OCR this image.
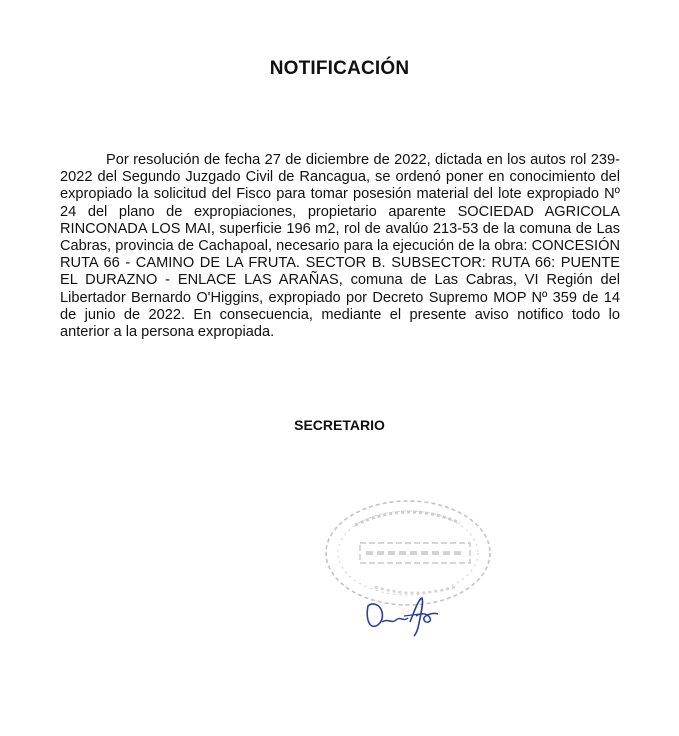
NOTIFICACIÓN
Por resolución de fecha 27 de diciembre de 2022, dictada en los autos rol 239-2022 del Segundo Juzgado Civil de Rancagua, se ordenó poner en conocimiento del expropiado la solicitud del Fisco para tomar posesión material del lote expropiado Nº 24 del plano de expropiaciones, propietario aparente SOCIEDAD AGRICOLA RINCONADA LOS MAI, superficie 196 m2, rol de avalúo 213-53 de la comuna de Las Cabras, provincia de Cachapoal, necesario para la ejecución de la obra: CONCESIÓN RUTA 66 - CAMINO DE LA FRUTA. SECTOR B. SUBSECTOR: RUTA 66: PUENTE EL DURAZNO - ENLACE LAS ARAÑAS, comuna de Las Cabras, VI Región del Libertador Bernardo O'Higgins, expropiado por Decreto Supremo MOP Nº 359 de 14 de junio de 2022. En consecuencia, mediante el presente aviso notifico todo lo anterior a la persona expropiada.
SECRETARIO
